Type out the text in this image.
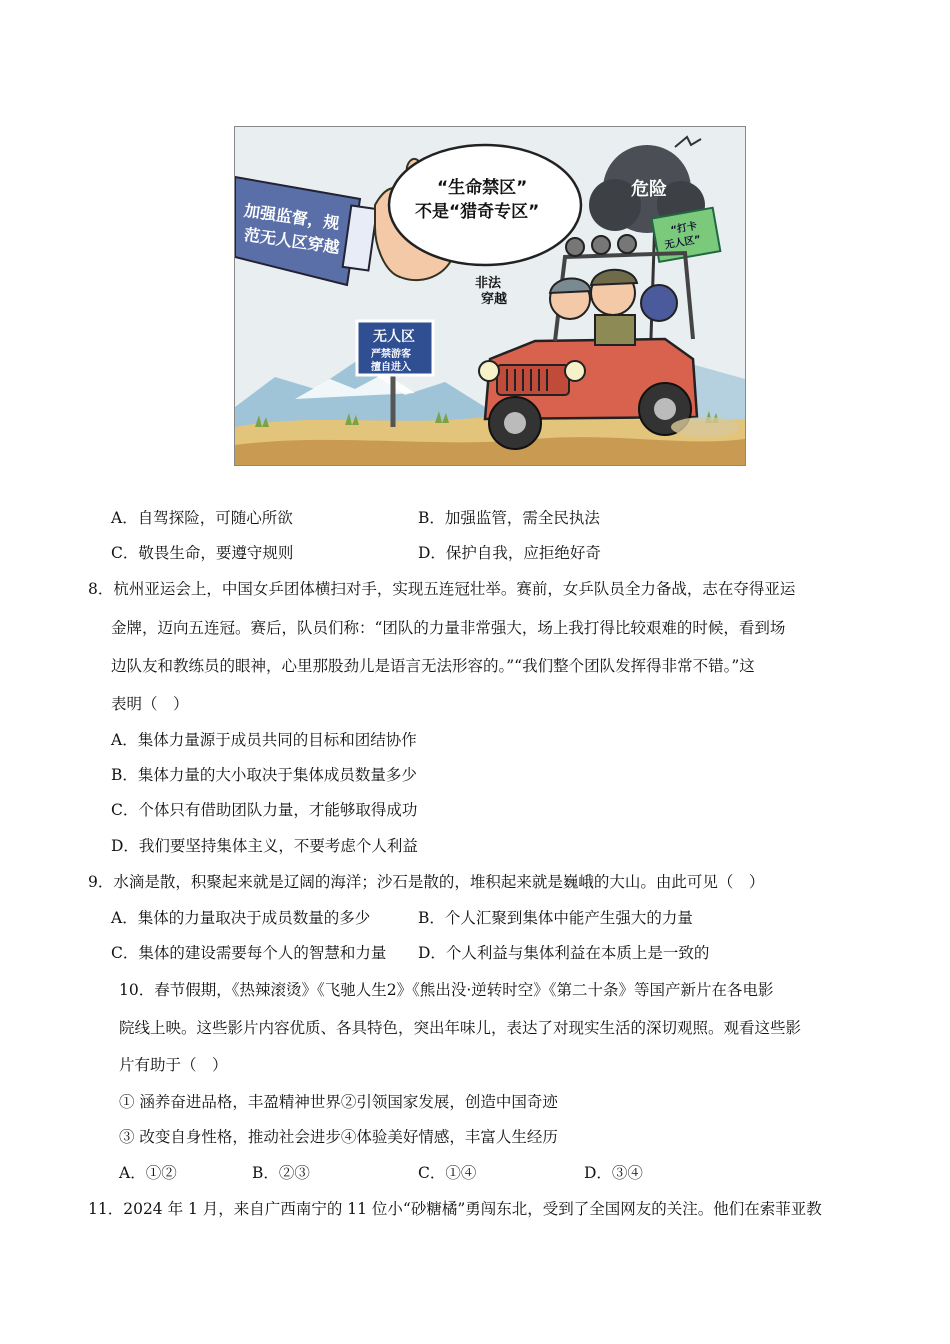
加强监督，规
范无人区穿越
“生命禁区”
不是“猎奇专区”
危险
“打卡
无人区”
非法
穿越
无人区
严禁游客
擅自进入
A．自驾探险，可随心所欲	B．加强监管，需全民执法
C．敬畏生命，要遵守规则	D．保护自我，应拒绝好奇
8．杭州亚运会上，中国女乒团体横扫对手，实现五连冠壮举。赛前，女乒队员全力备战，志在夺得亚运
金牌，迈向五连冠。赛后，队员们称：“团队的力量非常强大，场上我打得比较艰难的时候，看到场
边队友和教练员的眼神，心里那股劲儿是语言无法形容的。”“我们整个团队发挥得非常不错。”这
表明（　）
A．集体力量源于成员共同的目标和团结协作
B．集体力量的大小取决于集体成员数量多少
C．个体只有借助团队力量，才能够取得成功
D．我们要坚持集体主义，不要考虑个人利益
9．水滴是散，积聚起来就是辽阔的海洋；沙石是散的，堆积起来就是巍峨的大山。由此可见（　）
A．集体的力量取决于成员数量的多少	B．个人汇聚到集体中能产生强大的力量
C．集体的建设需要每个人的智慧和力量 D．个人利益与集体利益在本质上是一致的
10．春节假期，《热辣滚烫》《飞驰人生2》《熊出没·逆转时空》《第二十条》等国产新片在各电影
院线上映。这些影片内容优质、各具特色，突出年味儿，表达了对现实生活的深切观照。观看这些影
片有助于（　）
① 涵养奋进品格，丰盈精神世界②引领国家发展，创造中国奇迹
③ 改变自身性格，推动社会进步④体验美好情感，丰富人生经历
A．①②	B．②③	C．①④	D．③④
11．2024 年 1 月，来自广西南宁的 11 位小“砂糖橘”勇闯东北，受到了全国网友的关注。他们在索菲亚教
